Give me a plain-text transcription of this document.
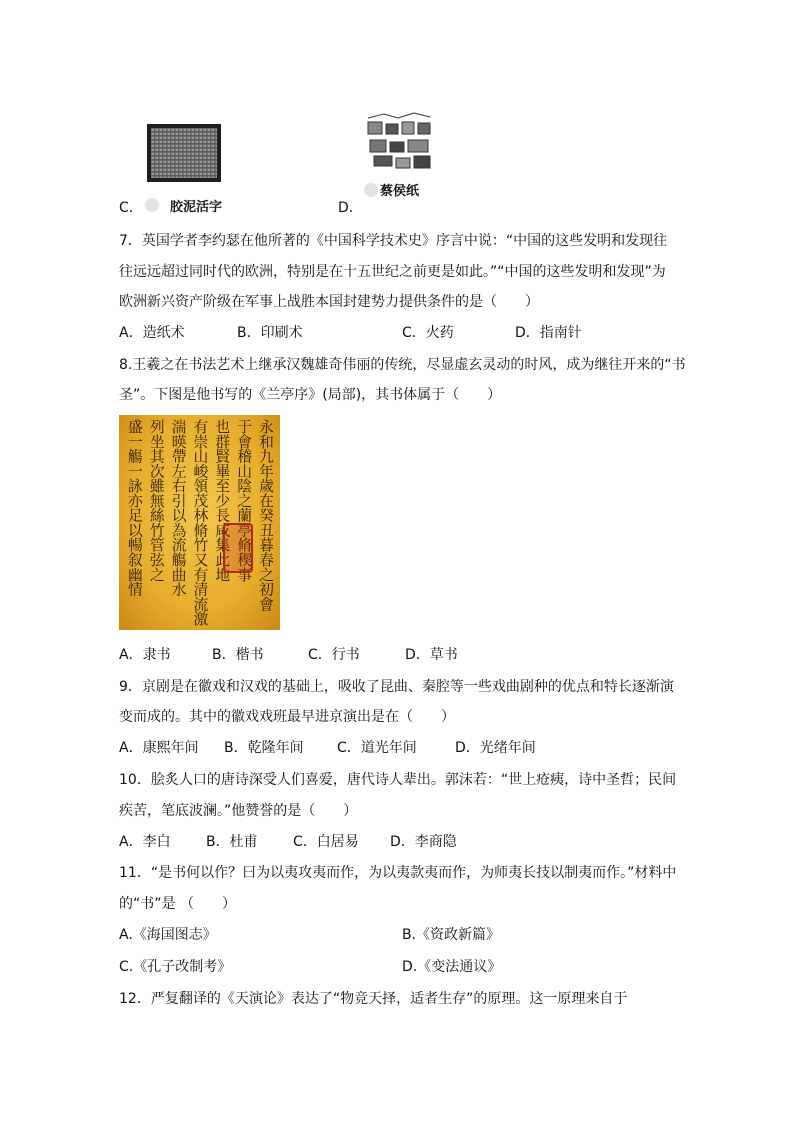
C． 胶泥活字	D．
蔡侯纸
7．英国学者李约瑟在他所著的《中国科学技术史》序言中说：“中国的这些发明和发现往
往远远超过同时代的欧洲，特别是在十五世纪之前更是如此。”“中国的这些发明和发现”为
欧洲新兴资产阶级在军事上战胜本国封建势力提供条件的是（　　）
A．造纸术	B．印刷术	C．火药	D．指南针
8.王羲之在书法艺术上继承汉魏雄奇伟丽的传统，尽显虚玄灵动的时风，成为继往开来的“书
圣”。下图是他书写的《兰亭序》(局部)，其书体属于（　　）
永和九年歲在癸丑暮春之初會
于會稽山陰之蘭亭脩稧事
也群賢畢至少長咸集此地
有崇山峻領茂林脩竹又有清流激
湍暎帶左右引以為流觴曲水
列坐其次雖無絲竹管弦之
盛一觴一詠亦足以暢叙幽情
A．隶书	B．楷书	C．行书	D．草书
9．京剧是在徽戏和汉戏的基础上，吸收了昆曲、秦腔等一些戏曲剧种的优点和特长逐渐演
变而成的。其中的徽戏戏班最早进京演出是在（　　）
A．康熙年间 B．乾隆年间 C．道光年间	D．光绪年间
10．脍炙人口的唐诗深受人们喜爱，唐代诗人辈出。郭沫若：“世上疮痍，诗中圣哲；民间
疾苦，笔底波澜。”他赞誉的是（　　）
A．李白	B．杜甫	C．白居易 D．李商隐
11．“是书何以作？曰为以夷攻夷而作，为以夷款夷而作，为师夷长技以制夷而作。”材料中
的“书”是 （　　）
A.《海国图志》	B.《资政新篇》
C.《孔子改制考》	D.《变法通议》
12．严复翻译的《天演论》表达了“物竞天择，适者生存”的原理。这一原理来自于
